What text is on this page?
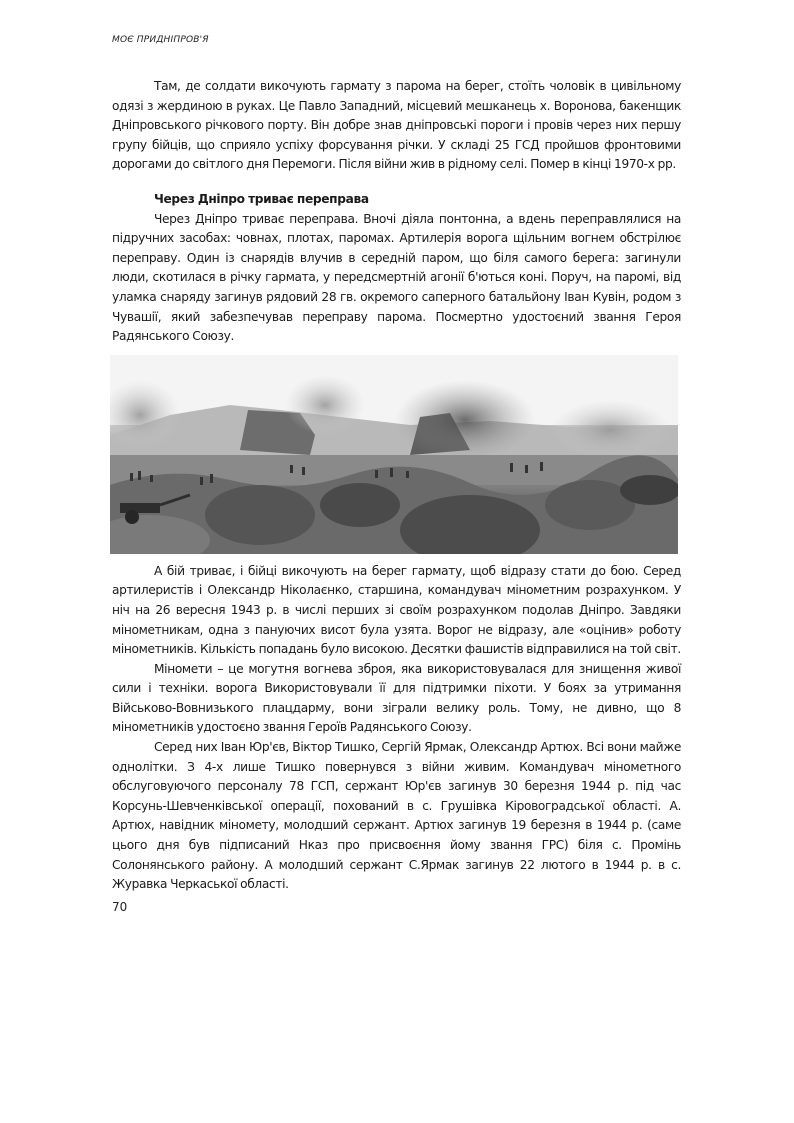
МОЄ ПРИДНІПРОВ'Я

Там, де солдати викочують гармату з парома на берег, стоїть чоловік в цивільному одязі з жердиною в руках. Це Павло Западний, місцевий мешканець х. Воронова, бакенщик Дніпровського річкового порту. Він добре знав дніпровські пороги і провів через них першу групу бійців, що сприяло успіху форсування річки. У складі 25 ГСД пройшов фронтовими дорогами до світлого дня Перемоги. Після війни жив в рідному селі. Помер в кінці 1970-х рр.

Через Дніпро триває переправа

Через Дніпро триває переправа. Вночі діяла понтонна, а вдень переправлялися на підручних засобах: човнах, плотах, паромах. Артилерія ворога щільним вогнем обстрілює переправу. Один із снарядів влучив в середній паром, що біля самого берега: загинули люди, скотилася в річку гармата, у передсмертній агонії б'ються коні. Поруч, на паромі, від уламка снаряду загинув рядовий 28 гв. окремого саперного батальйону Іван Кувін, родом з Чувашії, який забезпечував переправу парома. Посмертно удостоєний звання Героя Радянського Союзу.

А бій триває, і бійці викочують на берег гармату, щоб відразу стати до бою. Серед артилеристів і Олександр Ніколаєнко, старшина, командувач мінометним розрахунком. У ніч на 26 вересня 1943 р. в числі перших зі своїм розрахунком подолав Дніпро. Завдяки мінометникам, одна з пануючих висот була узята. Ворог не відразу, але «оцінив» роботу мінометників. Кількість попадань було високою. Десятки фашистів відправилися на той світ.

Міномети – це могутня вогнева зброя, яка використовувалася для знищення живої сили і техніки. ворога Використовували її для підтримки піхоти. У боях за утримання Військово-Вовнизького плацдарму, вони зіграли велику роль. Тому, не дивно, що 8 мінометників удостоєно звання Героїв Радянського Союзу.

Серед них Іван Юр'єв, Віктор Тишко, Сергій Ярмак, Олександр Артюх. Всі вони майже однолітки. З 4-х лише Тишко повернувся з війни живим. Командувач мінометного обслуговуючого персоналу 78 ГСП, сержант Юр'єв загинув 30 березня 1944 р. під час Корсунь-Шевченківської операції, похований в с. Грушівка Кіровоградської області. А. Артюх, навідник міномету, молодший сержант. Артюх загинув 19 березня в 1944 р. (саме цього дня був підписаний Нказ про присвоєння йому звання ГРС) біля с. Промінь Солонянського району. А молодший сержант С.Ярмак загинув 22 лютого в 1944 р. в с. Журавка Черкаської області.

70
